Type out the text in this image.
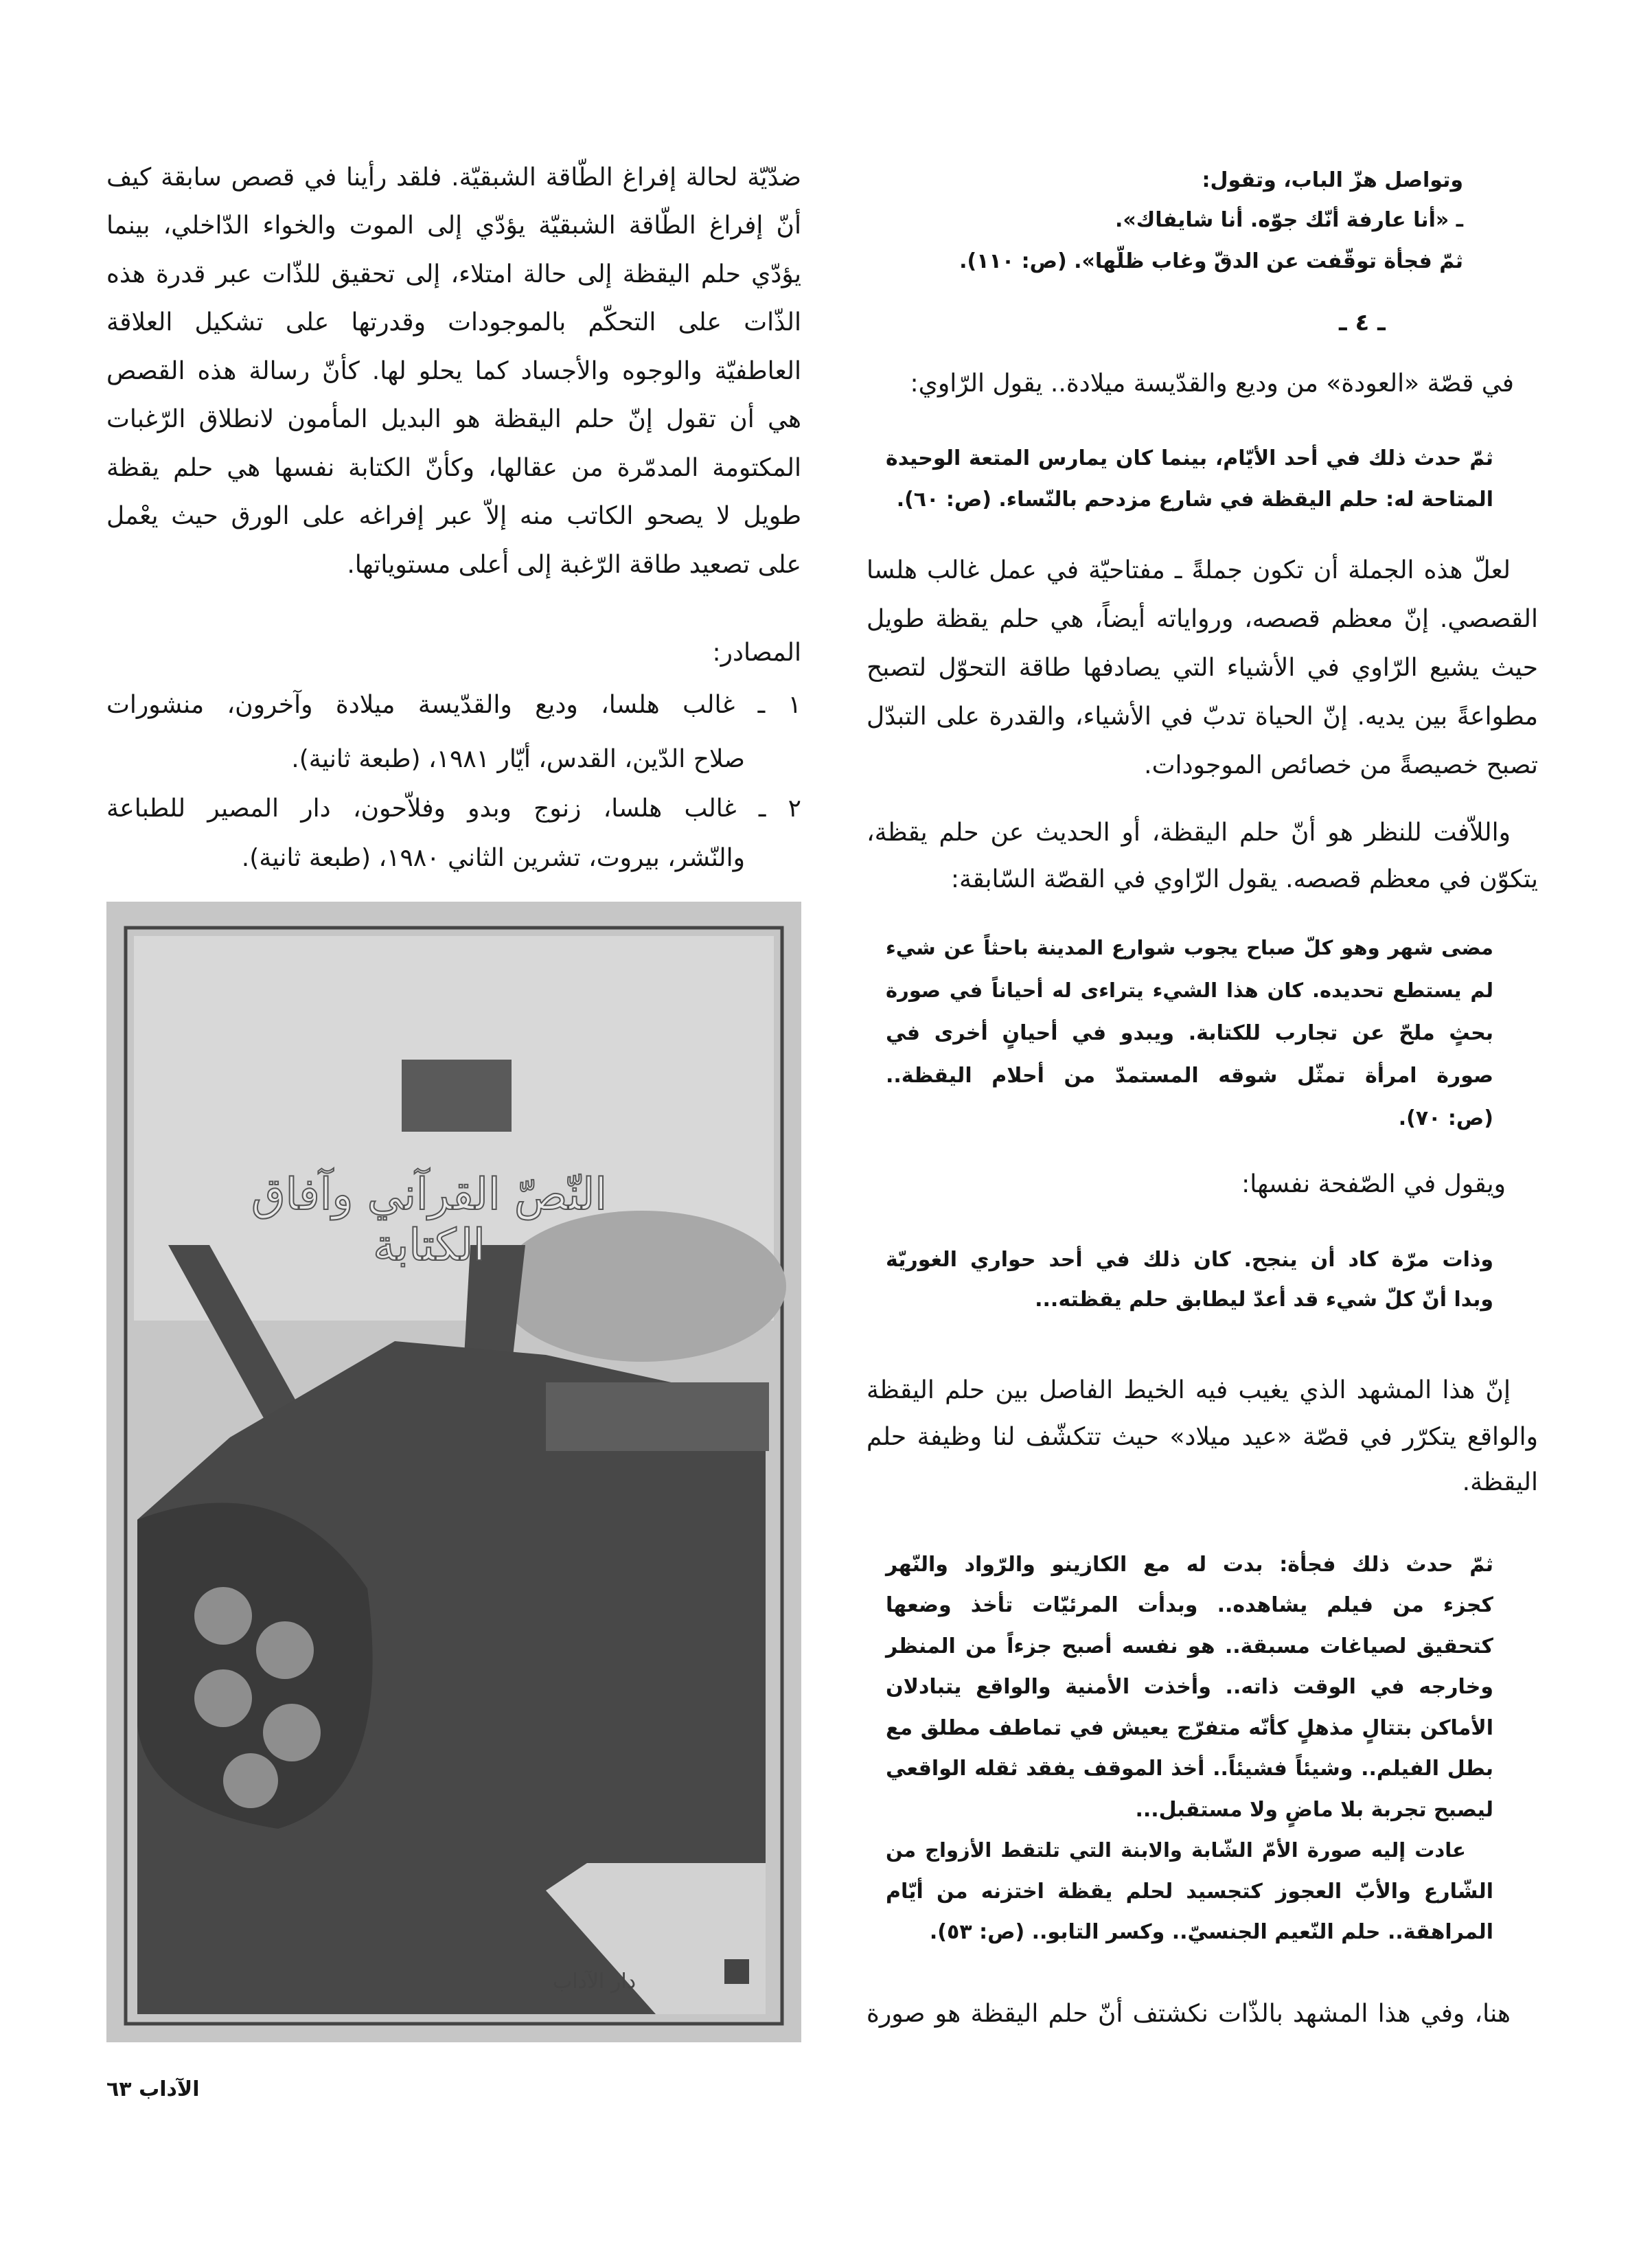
ـ ٤ ـ
النّصّ القرآني وآفاق الكتابة
دار الآداب
الآداب ٦٣
وتواصل هزّ الباب، وتقول:
ـ «أنا عارفة أنّك جوّه. أنا شايفاك».
ثمّ فجأة توقّفت عن الدقّ وغاب ظلّها». (ص: ١١٠).
في قصّة «العودة» من وديع والقدّيسة ميلادة.. يقول الرّاوي:
ثمّ حدث ذلك في أحد الأيّام، بينما كان يمارس المتعة الوحيدة
المتاحة له: حلم اليقظة في شارع مزدحم بالنّساء. (ص: ٦٠).
لعلّ هذه الجملة أن تكون جملةً ـ مفتاحيّة في عمل غالب هلسا
القصصي. إنّ معظم قصصه، ورواياته أيضاً، هي حلم يقظة طويل
حيث يشيع الرّاوي في الأشياء التي يصادفها طاقة التحوّل لتصبح
مطواعةً بين يديه. إنّ الحياة تدبّ في الأشياء، والقدرة على التبدّل
تصبح خصيصةً من خصائص الموجودات.
واللاّفت للنظر هو أنّ حلم اليقظة، أو الحديث عن حلم يقظة،
يتكوّن في معظم قصصه. يقول الرّاوي في القصّة السّابقة:
مضى شهر وهو كلّ صباح يجوب شوارع المدينة باحثاً عن شيء
لم يستطع تحديده. كان هذا الشيء يتراءى له أحياناً في صورة
بحثٍ ملحّ عن تجارب للكتابة. ويبدو في أحيانٍ أخرى في
صورة امرأة تمثّل شوقه المستمدّ من أحلام اليقظة..
(ص: ٧٠).
ويقول في الصّفحة نفسها:
وذات مرّة كاد أن ينجح. كان ذلك في أحد حواري الغوريّة
وبدا أنّ كلّ شيء قد أعدّ ليطابق حلم يقظته...
إنّ هذا المشهد الذي يغيب فيه الخيط الفاصل بين حلم اليقظة
والواقع يتكرّر في قصّة «عيد ميلاد» حيث تتكشّف لنا وظيفة حلم
اليقظة.
ثمّ حدث ذلك فجأة: بدت له مع الكازينو والرّواد والنّهر
كجزء من فيلم يشاهده.. وبدأت المرئيّات تأخذ وضعها
كتحقيق لصياغات مسبقة.. هو نفسه أصبح جزءاً من المنظر
وخارجه في الوقت ذاته.. وأخذت الأمنية والواقع يتبادلان
الأماكن بتتالٍ مذهلٍ كأنّه متفرّج يعيش في تماطف مطلق مع
بطل الفيلم.. وشيئاً فشيئاً.. أخذ الموقف يفقد ثقله الواقعي
ليصبح تجربة بلا ماضٍ ولا مستقبل...
عادت إليه صورة الأمّ الشّابة والابنة التي تلتقط الأزواج من
الشّارع والأبّ العجوز كتجسيد لحلم يقظة اختزنه من أيّام
المراهقة.. حلم النّعيم الجنسيّ.. وكسر التابو.. (ص: ٥٣).
هنا، وفي هذا المشهد بالذّات نكشتف أنّ حلم اليقظة هو صورة
ضدّيّة لحالة إفراغ الطّاقة الشبقيّة. فلقد رأينا في قصص سابقة كيف
أنّ إفراغ الطّاقة الشبقيّة يؤدّي إلى الموت والخواء الدّاخلي، بينما
يؤدّي حلم اليقظة إلى حالة امتلاء، إلى تحقيق للذّات عبر قدرة هذه
الذّات على التحكّم بالموجودات وقدرتها على تشكيل العلاقة
العاطفيّة والوجوه والأجساد كما يحلو لها. كأنّ رسالة هذه القصص
هي أن تقول إنّ حلم اليقظة هو البديل المأمون لانطلاق الرّغبات
المكتومة المدمّرة من عقالها، وكأنّ الكتابة نفسها هي حلم يقظة
طويل لا يصحو الكاتب منه إلاّ عبر إفراغه على الورق حيث يعْمل
على تصعيد طاقة الرّغبة إلى أعلى مستوياتها.
المصادر:
١ ـ غالب هلسا، وديع والقدّيسة ميلادة وآخرون، منشورات
صلاح الدّين، القدس، أيّار ١٩٨١، (طبعة ثانية).
٢ ـ غالب هلسا، زنوج وبدو وفلاّحون، دار المصير للطباعة
والنّشر، بيروت، تشرين الثاني ١٩٨٠، (طبعة ثانية).
